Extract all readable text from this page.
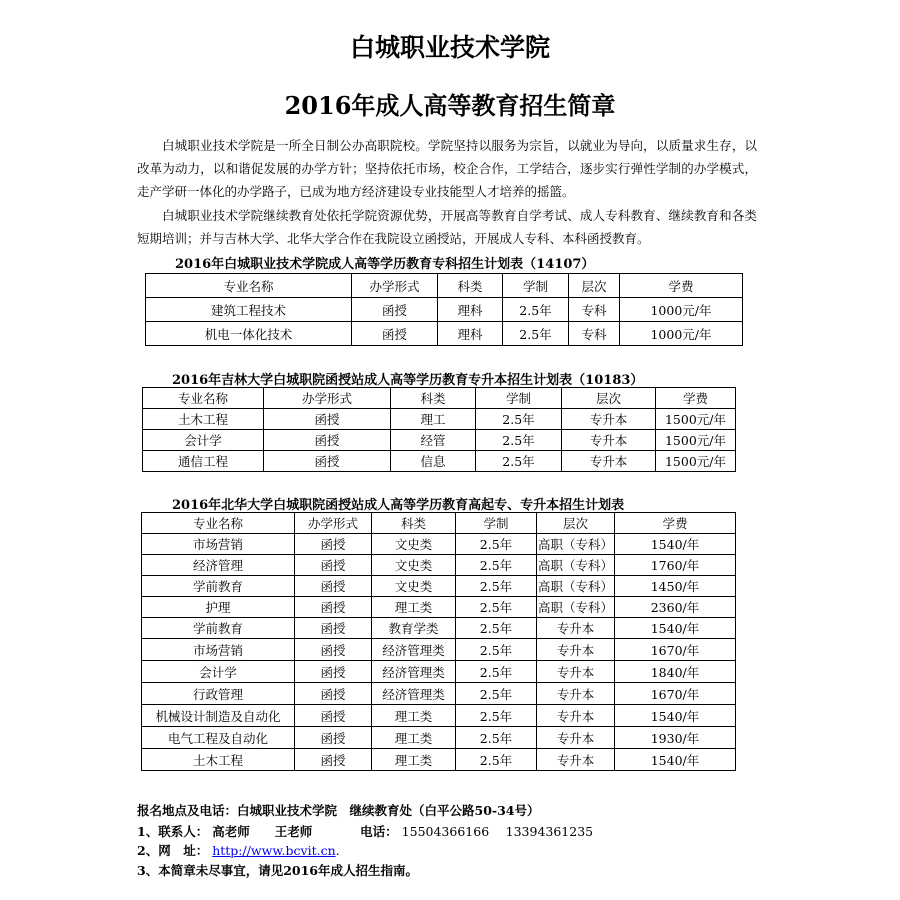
白城职业技术学院
2016年成人高等教育招生简章
白城职业技术学院是一所全日制公办高职院校。学院坚持以服务为宗旨，以就业为导向，以质量求生存，以改革为动力，以和谐促发展的办学方针；坚持依托市场，校企合作，工学结合，逐步实行弹性学制的办学模式，走产学研一体化的办学路子，已成为地方经济建设专业技能型人才培养的摇篮。
白城职业技术学院继续教育处依托学院资源优势，开展高等教育自学考试、成人专科教育、继续教育和各类短期培训；并与吉林大学、北华大学合作在我院设立函授站，开展成人专科、本科函授教育。
2016年白城职业技术学院成人高等学历教育专科招生计划表（14107）
专业名称	办学形式	科类	学制	层次	学费
建筑工程技术	函授	理科	2.5年	专科	1000元/年
机电一体化技术	函授	理科	2.5年	专科	1000元/年
2016年吉林大学白城职院函授站成人高等学历教育专升本招生计划表（10183）
专业名称	办学形式	科类	学制	层次	学费
土木工程	函授	理工	2.5年	专升本	1500元/年
会计学	函授	经管	2.5年	专升本	1500元/年
通信工程	函授	信息	2.5年	专升本	1500元/年
2016年北华大学白城职院函授站成人高等学历教育高起专、专升本招生计划表
专业名称	办学形式	科类	学制	层次	学费
市场营销	函授	文史类	2.5年	高职（专科）	1540/年
经济管理	函授	文史类	2.5年	高职（专科）	1760/年
学前教育	函授	文史类	2.5年	高职（专科）	1450/年
护理	函授	理工类	2.5年	高职（专科）	2360/年
学前教育	函授	教育学类	2.5年	专升本	1540/年
市场营销	函授	经济管理类	2.5年	专升本	1670/年
会计学	函授	经济管理类	2.5年	专升本	1840/年
行政管理	函授	经济管理类	2.5年	专升本	1670/年
机械设计制造及自动化	函授	理工类	2.5年	专升本	1540/年
电气工程及自动化	函授	理工类	2.5年	专升本	1930/年
土木工程	函授	理工类	2.5年	专升本	1540/年
报名地点及电话：白城职业技术学院　继续教育处（白平公路50-34号）
1、联系人： 高老师　　王老师	电话： 15504366166　 13394361235
2、网　址： http://www.bcvit.cn.
3、本简章未尽事宜，请见2016年成人招生指南。
